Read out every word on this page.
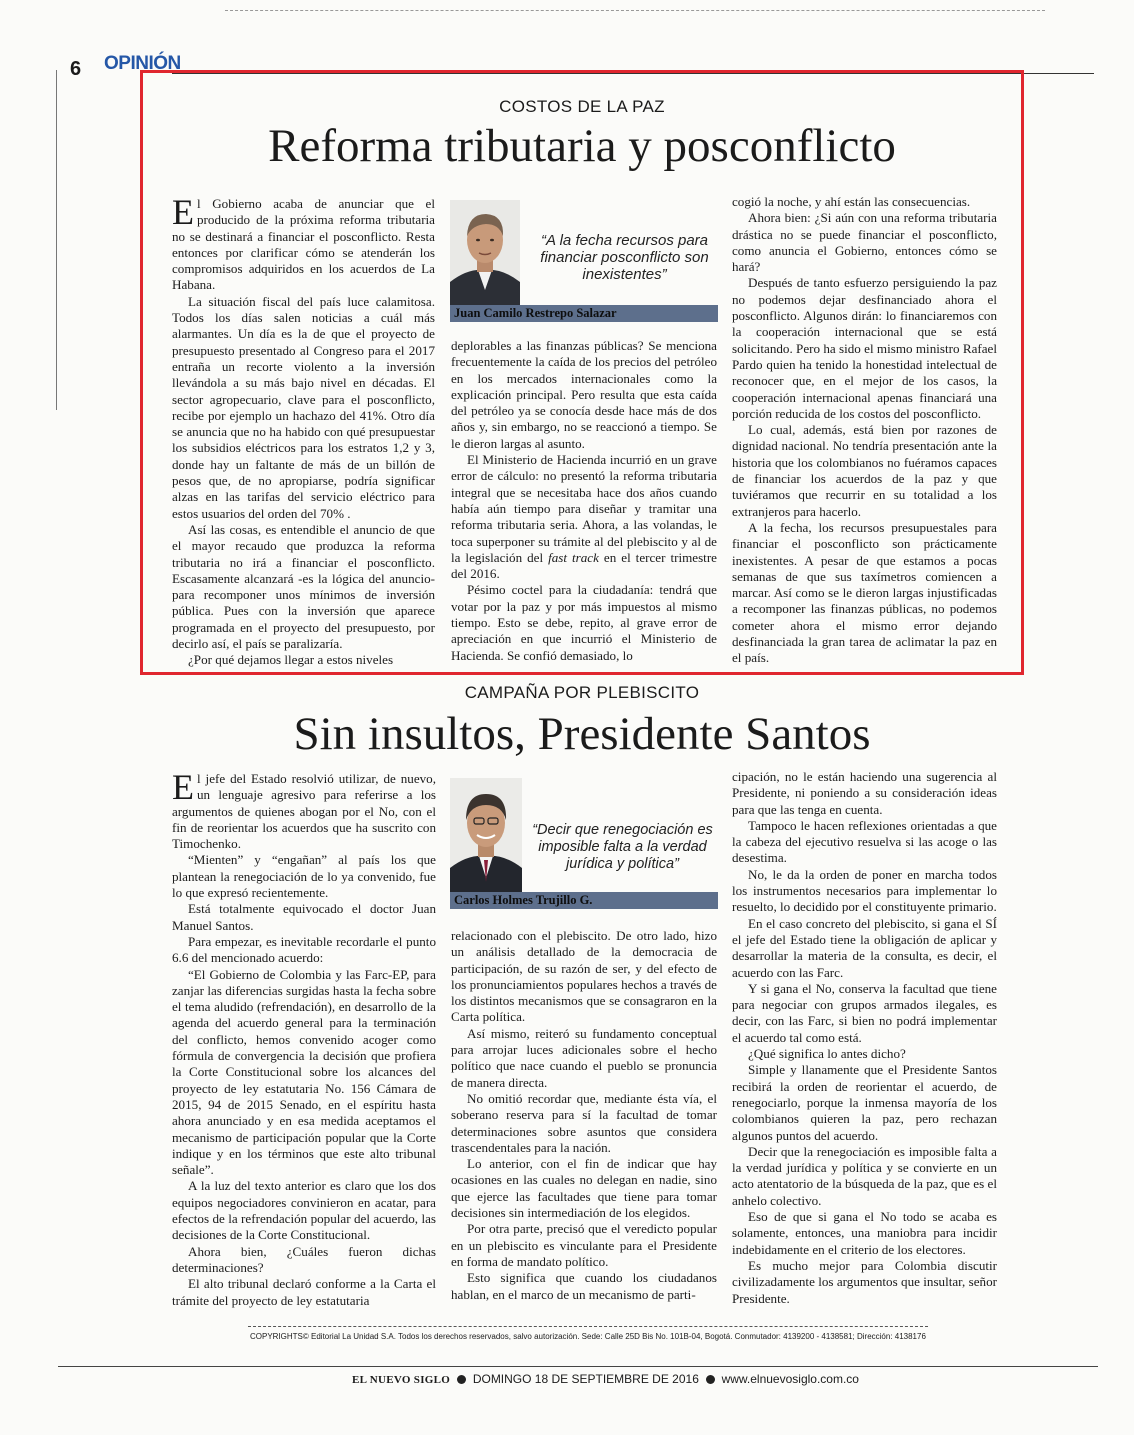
6 OPINIÓN
COSTOS DE LA PAZ
Reforma tributaria y posconflicto

El Gobierno acaba de anunciar que el producido de la próxima reforma tributaria no se destinará a financiar el posconflicto. Resta entonces por clarificar cómo se atenderán los compromisos adquiridos en los acuerdos de La Habana.

La situación fiscal del país luce calamitosa. Todos los días salen noticias a cuál más alarmantes. Un día es la de que el proyecto de presupuesto presentado al Congreso para el 2017 entraña un recorte violento a la inversión llevándola a su más bajo nivel en décadas. El sector agropecuario, clave para el posconflicto, recibe por ejemplo un hachazo del 41%. Otro día se anuncia que no ha habido con qué presupuestar los subsidios eléctricos para los estratos 1,2 y 3, donde hay un faltante de más de un billón de pesos que, de no apropiarse, podría significar alzas en las tarifas del servicio eléctrico para estos usuarios del orden del 70% .

Así las cosas, es entendible el anuncio de que el mayor recaudo que produzca la reforma tributaria no irá a financiar el posconflicto. Escasamente alcanzará -es la lógica del anuncio- para recomponer unos mínimos de inversión pública. Pues con la inversión que aparece programada en el proyecto del presupuesto, por decirlo así, el país se paralizaría.

¿Por qué dejamos llegar a estos niveles

“A la fecha recursos para financiar posconflicto son inexistentes”
Juan Camilo Restrepo Salazar

deplorables a las finanzas públicas? Se menciona frecuentemente la caída de los precios del petróleo en los mercados internacionales como la explicación principal. Pero resulta que esta caída del petróleo ya se conocía desde hace más de dos años y, sin embargo, no se reaccionó a tiempo. Se le dieron largas al asunto.

El Ministerio de Hacienda incurrió en un grave error de cálculo: no presentó la reforma tributaria integral que se necesitaba hace dos años cuando había aún tiempo para diseñar y tramitar una reforma tributaria seria. Ahora, a las volandas, le toca superponer su trámite al del plebiscito y al de la legislación del fast track en el tercer trimestre del 2016.

Pésimo coctel para la ciudadanía: tendrá que votar por la paz y por más impuestos al mismo tiempo. Esto se debe, repito, al grave error de apreciación en que incurrió el Ministerio de Hacienda. Se confió demasiado, lo

cogió la noche, y ahí están las consecuencias.

Ahora bien: ¿Si aún con una reforma tributaria drástica no se puede financiar el posconflicto, como anuncia el Gobierno, entonces cómo se hará?

Después de tanto esfuerzo persiguiendo la paz no podemos dejar desfinanciado ahora el posconflicto. Algunos dirán: lo financiaremos con la cooperación internacional que se está solicitando. Pero ha sido el mismo ministro Rafael Pardo quien ha tenido la honestidad intelectual de reconocer que, en el mejor de los casos, la cooperación internacional apenas financiará una porción reducida de los costos del posconflicto.

Lo cual, además, está bien por razones de dignidad nacional. No tendría presentación ante la historia que los colombianos no fuéramos capaces de financiar los acuerdos de la paz y que tuviéramos que recurrir en su totalidad a los extranjeros para hacerlo.

A la fecha, los recursos presupuestales para financiar el posconflicto son prácticamente inexistentes. A pesar de que estamos a pocas semanas de que sus taxímetros comiencen a marcar. Así como se le dieron largas injustificadas a recomponer las finanzas públicas, no podemos cometer ahora el mismo error dejando desfinanciada la gran tarea de aclimatar la paz en el país.

CAMPAÑA POR PLEBISCITO
Sin insultos, Presidente Santos

El jefe del Estado resolvió utilizar, de nuevo, un lenguaje agresivo para referirse a los argumentos de quienes abogan por el No, con el fin de reorientar los acuerdos que ha suscrito con Timochenko.

“Mienten” y “engañan” al país los que plantean la renegociación de lo ya convenido, fue lo que expresó recientemente.

Está totalmente equivocado el doctor Juan Manuel Santos.

Para empezar, es inevitable recordarle el punto 6.6 del mencionado acuerdo:

“El Gobierno de Colombia y las Farc-EP, para zanjar las diferencias surgidas hasta la fecha sobre el tema aludido (refrendación), en desarrollo de la agenda del acuerdo general para la terminación del conflicto, hemos convenido acoger como fórmula de convergencia la decisión que profiera la Corte Constitucional sobre los alcances del proyecto de ley estatutaria No. 156 Cámara de 2015, 94 de 2015 Senado, en el espíritu hasta ahora anunciado y en esa medida aceptamos el mecanismo de participación popular que la Corte indique y en los términos que este alto tribunal señale”.

A la luz del texto anterior es claro que los dos equipos negociadores convinieron en acatar, para efectos de la refrendación popular del acuerdo, las decisiones de la Corte Constitucional.

Ahora bien, ¿Cuáles fueron dichas determinaciones?

El alto tribunal declaró conforme a la Carta el trámite del proyecto de ley estatutaria

“Decir que renegociación es imposible falta a la verdad jurídica y política”
Carlos Holmes Trujillo G.

relacionado con el plebiscito. De otro lado, hizo un análisis detallado de la democracia de participación, de su razón de ser, y del efecto de los pronunciamientos populares hechos a través de los distintos mecanismos que se consagraron en la Carta política.

Así mismo, reiteró su fundamento conceptual para arrojar luces adicionales sobre el hecho político que nace cuando el pueblo se pronuncia de manera directa.

No omitió recordar que, mediante ésta vía, el soberano reserva para sí la facultad de tomar determinaciones sobre asuntos que considera trascendentales para la nación.

Lo anterior, con el fin de indicar que hay ocasiones en las cuales no delegan en nadie, sino que ejerce las facultades que tiene para tomar decisiones sin intermediación de los elegidos.

Por otra parte, precisó que el veredicto popular en un plebiscito es vinculante para el Presidente en forma de mandato político.

Esto significa que cuando los ciudadanos hablan, en el marco de un mecanismo de parti-

cipación, no le están haciendo una sugerencia al Presidente, ni poniendo a su consideración ideas para que las tenga en cuenta.

Tampoco le hacen reflexiones orientadas a que la cabeza del ejecutivo resuelva si las acoge o las desestima.

No, le da la orden de poner en marcha todos los instrumentos necesarios para implementar lo resuelto, lo decidido por el constituyente primario.

En el caso concreto del plebiscito, si gana el SÍ el jefe del Estado tiene la obligación de aplicar y desarrollar la materia de la consulta, es decir, el acuerdo con las Farc.

Y si gana el No, conserva la facultad que tiene para negociar con grupos armados ilegales, es decir, con las Farc, si bien no podrá implementar el acuerdo tal como está.

¿Qué significa lo antes dicho?

Simple y llanamente que el Presidente Santos recibirá la orden de reorientar el acuerdo, de renegociarlo, porque la inmensa mayoría de los colombianos quieren la paz, pero rechazan algunos puntos del acuerdo.

Decir que la renegociación es imposible falta a la verdad jurídica y política y se convierte en un acto atentatorio de la búsqueda de la paz, que es el anhelo colectivo.

Eso de que si gana el No todo se acaba es solamente, entonces, una maniobra para incidir indebidamente en el criterio de los electores.

Es mucho mejor para Colombia discutir civilizadamente los argumentos que insultar, señor Presidente.

COPYRIGHTS© Editorial La Unidad S.A. Todos los derechos reservados, salvo autorización. Sede: Calle 25D Bis No. 101B-04, Bogotá. Conmutador: 4139200 - 4138581; Dirección: 4138176
EL NUEVO SIGLO DOMINGO 18 DE SEPTIEMBRE DE 2016 www.elnuevosiglo.com.co
